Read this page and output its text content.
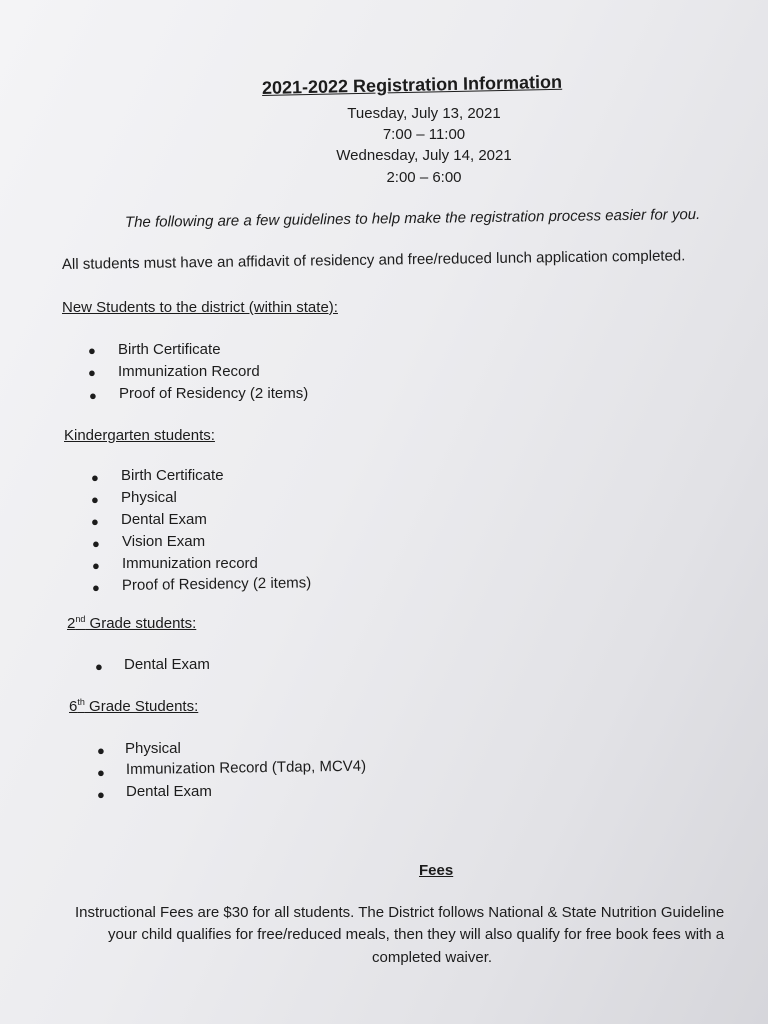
2021-2022 Registration Information
Tuesday, July 13, 2021
7:00 – 11:00
Wednesday, July 14, 2021
2:00 – 6:00
The following are a few guidelines to help make the registration process easier for you.
All students must have an affidavit of residency and free/reduced lunch application completed.
New Students to the district (within state):
● Birth Certificate
● Immunization Record
● Proof of Residency (2 items)
Kindergarten students:
● Birth Certificate
● Physical
● Dental Exam
● Vision Exam
● Immunization record
● Proof of Residency (2 items)
2nd Grade students:
● Dental Exam
6th Grade Students:
● Physical
● Immunization Record (Tdap, MCV4)
● Dental Exam
Fees
Instructional Fees are $30 for all students. The District follows National & State Nutrition Guideline
your child qualifies for free/reduced meals, then they will also qualify for free book fees with a
completed waiver.
